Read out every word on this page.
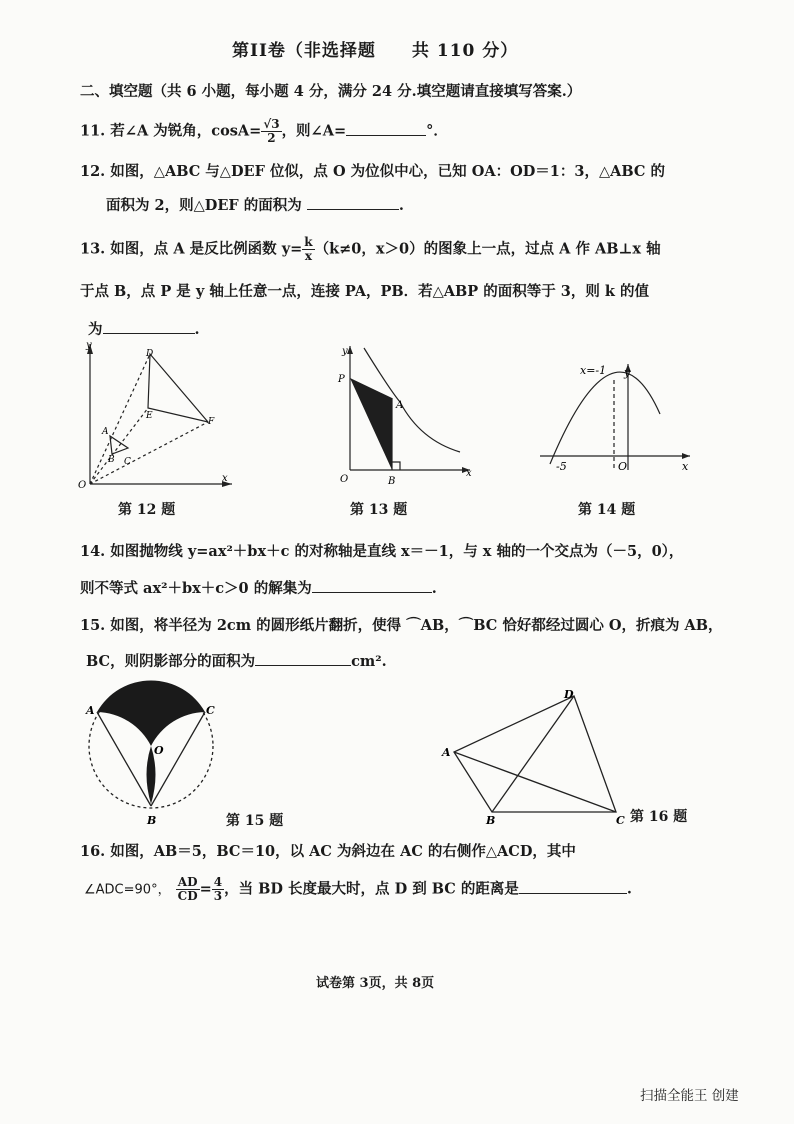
第II卷（非选择题　　共 110 分）
二、填空题（共 6 小题，每小题 4 分，满分 24 分.填空题请直接填写答案.）
11. 若∠A 为锐角，$\cos A= \frac{√3}{2}$ ，则∠A=	°．
12. 如图，△ABC 与△DEF 位似，点 O 为位似中心，已知 OA：OD＝1：3，△ABC 的
面积为 2，则△DEF 的面积为	.
13. 如图，点 A 是反比例函数 $y= \frac{k}{x} (k\ne 0$，x＞0）的图象上一点，过点 A 作 AB⊥x 轴
于点 B，点 P 是 y 轴上任意一点，连接 PA，PB．若△ABP 的面积等于 3，则 k 的值
为	.
y
x
O
D
E
F
A
B C
y
x
O
P
A
B
x=-1 y
x
O
-5
第 12 题	第 13 题	第 14 题
14. 如图抛物线 y=ax²＋bx＋c 的对称轴是直线 x＝－1，与 x 轴的一个交点为（－5，0），
则不等式 ax²＋bx＋c＞0 的解集为	.
15. 如图，将半径为 2cm 的圆形纸片翻折，使得 ⌒AB，⌒BC 恰好都经过圆心 O，折痕为 AB，
BC，则阴影部分的面积为	cm².
A	C
O
B
D
A
B	C
第 15 题	第 16 题
16. 如图，AB＝5，BC＝10，以 AC 为斜边在 AC 的右侧作△ACD，其中
∠ADC=90°， $\frac{AD}{CD} = \frac{4}{3}$ ，当 BD 长度最大时，点 D 到 BC 的距离是	.
试卷第 3页，共 8页
扫描全能王 创建
